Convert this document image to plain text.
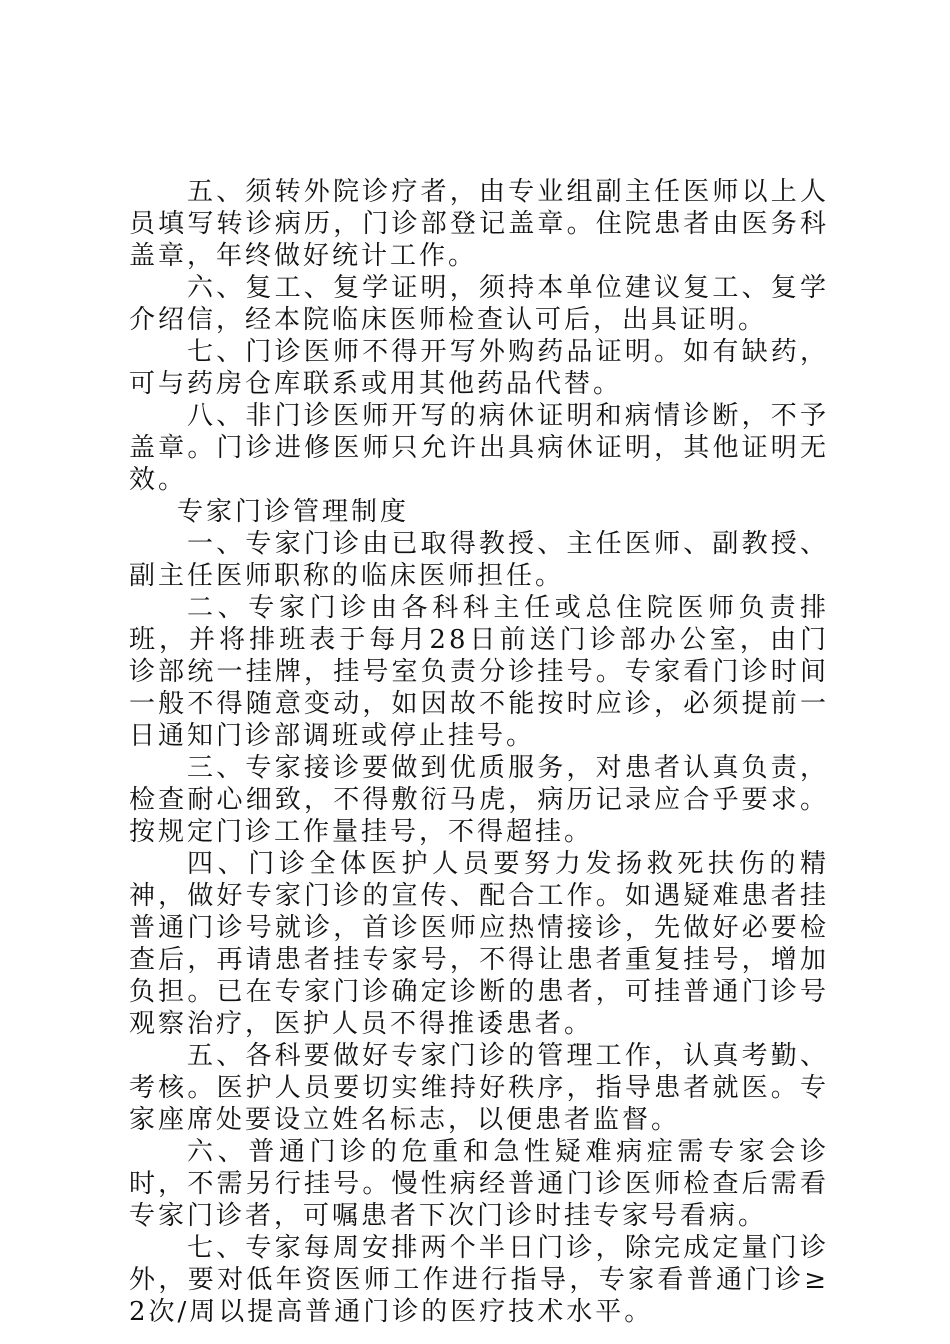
五、须转外院诊疗者，由专业组副主任医师以上人员填写转诊病历，门诊部登记盖章。住院患者由医务科盖章，年终做好统计工作。

六、复工、复学证明，须持本单位建议复工、复学介绍信，经本院临床医师检查认可后，出具证明。

七、门诊医师不得开写外购药品证明。如有缺药，可与药房仓库联系或用其他药品代替。

八、非门诊医师开写的病休证明和病情诊断，不予盖章。门诊进修医师只允许出具病休证明，其他证明无效。

专家门诊管理制度

一、专家门诊由已取得教授、主任医师、副教授、副主任医师职称的临床医师担任。

二、专家门诊由各科科主任或总住院医师负责排班，并将排班表于每月28日前送门诊部办公室，由门诊部统一挂牌，挂号室负责分诊挂号。专家看门诊时间一般不得随意变动，如因故不能按时应诊，必须提前一日通知门诊部调班或停止挂号。

三、专家接诊要做到优质服务，对患者认真负责，检查耐心细致，不得敷衍马虎，病历记录应合乎要求。按规定门诊工作量挂号，不得超挂。

四、门诊全体医护人员要努力发扬救死扶伤的精神，做好专家门诊的宣传、配合工作。如遇疑难患者挂普通门诊号就诊，首诊医师应热情接诊，先做好必要检查后，再请患者挂专家号，不得让患者重复挂号，增加负担。已在专家门诊确定诊断的患者，可挂普通门诊号观察治疗，医护人员不得推诿患者。

五、各科要做好专家门诊的管理工作，认真考勤、考核。医护人员要切实维持好秩序，指导患者就医。专家座席处要设立姓名标志，以便患者监督。

六、普通门诊的危重和急性疑难病症需专家会诊时，不需另行挂号。慢性病经普通门诊医师检查后需看专家门诊者，可嘱患者下次门诊时挂专家号看病。

七、专家每周安排两个半日门诊，除完成定量门诊外，要对低年资医师工作进行指导，专家看普通门诊≥2次/周以提高普通门诊的医疗技术水平。
